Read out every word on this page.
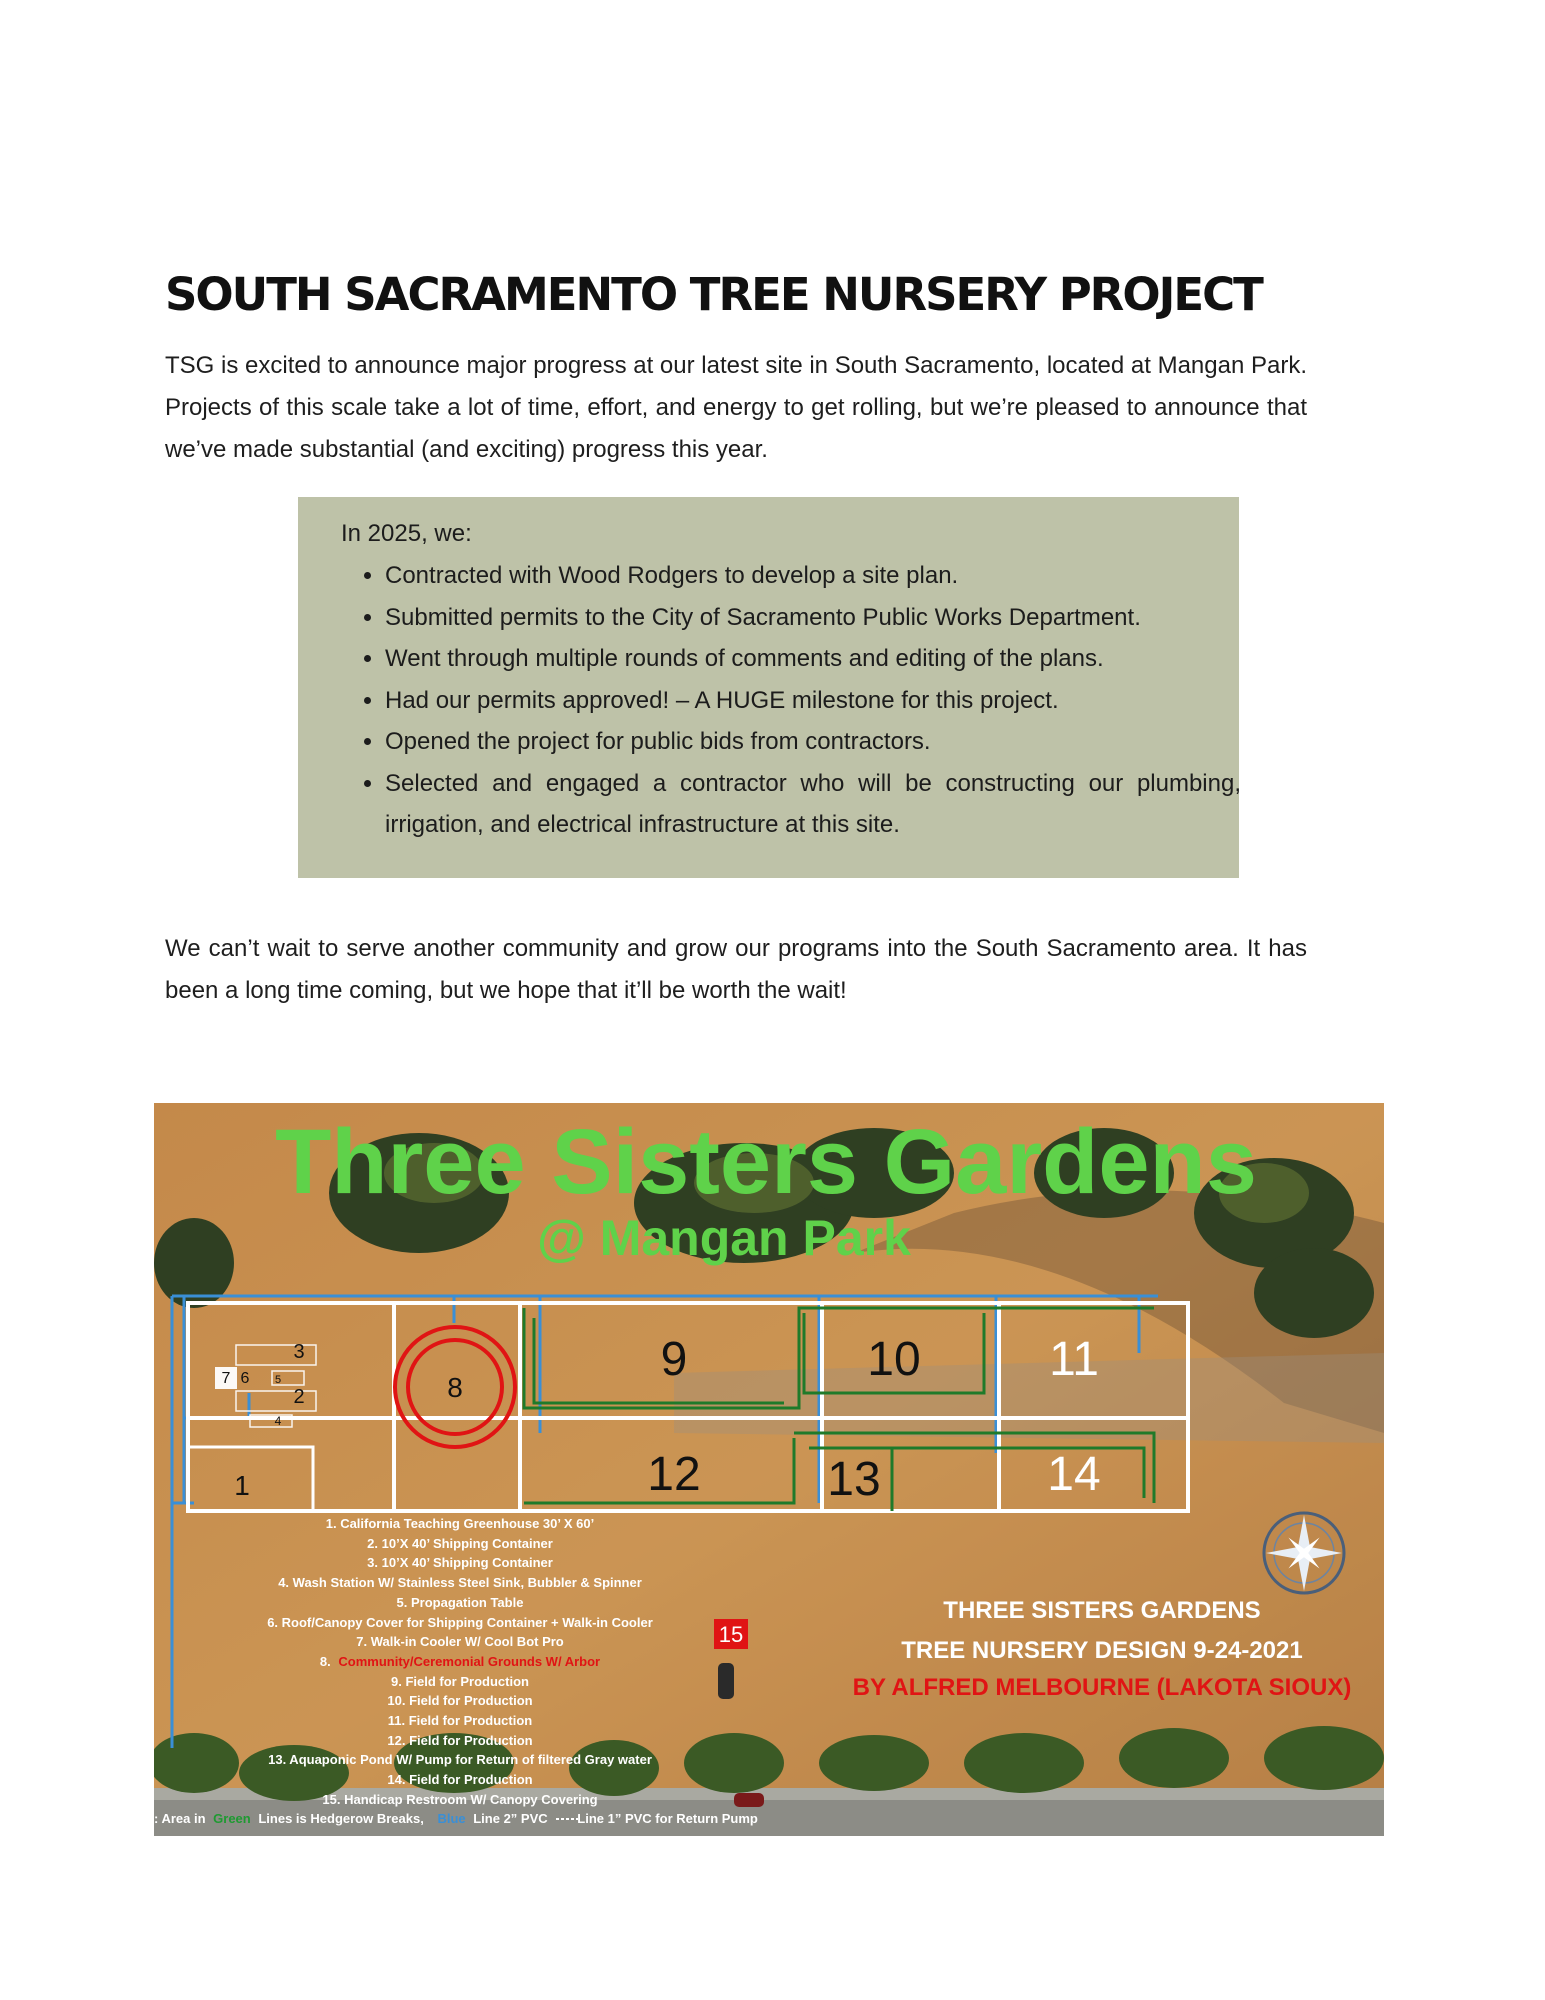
SOUTH SACRAMENTO TREE NURSERY PROJECT

TSG is excited to announce major progress at our latest site in South Sacramento, located at Mangan Park. Projects of this scale take a lot of time, effort, and energy to get rolling, but we’re pleased to announce that we’ve made substantial (and exciting) progress this year.

In 2025, we:

• Contracted with Wood Rodgers to develop a site plan.
• Submitted permits to the City of Sacramento Public Works Department.
• Went through multiple rounds of comments and editing of the plans.
• Had our permits approved! – A HUGE milestone for this project.
• Opened the project for public bids from contractors.
• Selected and engaged a contractor who will be constructing our plumbing, irrigation, and electrical infrastructure at this site.

We can’t wait to serve another community and grow our programs into the South Sacramento area. It has been a long time coming, but we hope that it’ll be worth the wait!

Three Sisters Gardens
@ Mangan Park
3
2
4
5
6
7
1
8
9	10	11
12	13	14
15
1. California Teaching Greenhouse 30’ X 60’
2. 10’X 40’ Shipping Container
3. 10’X 40’ Shipping Container
4. Wash Station W/ Stainless Steel Sink, Bubbler & Spinner
5. Propagation Table
6. Roof/Canopy Cover for Shipping Container + Walk-in Cooler
7. Walk-in Cooler W/ Cool Bot Pro
8. Community/Ceremonial Grounds W/ Arbor
9. Field for Production
10. Field for Production
11. Field for Production
12. Field for Production
13. Aquaponic Pond W/ Pump for Return of filtered Gray water
14. Field for Production
15. Handicap Restroom W/ Canopy Covering
: Area in Green Lines is Hedgerow Breaks, Blue Line 2” PVC Line 1” PVC for Return Pump
THREE SISTERS GARDENS
TREE NURSERY DESIGN 9-24-2021
BY ALFRED MELBOURNE (LAKOTA SIOUX)
